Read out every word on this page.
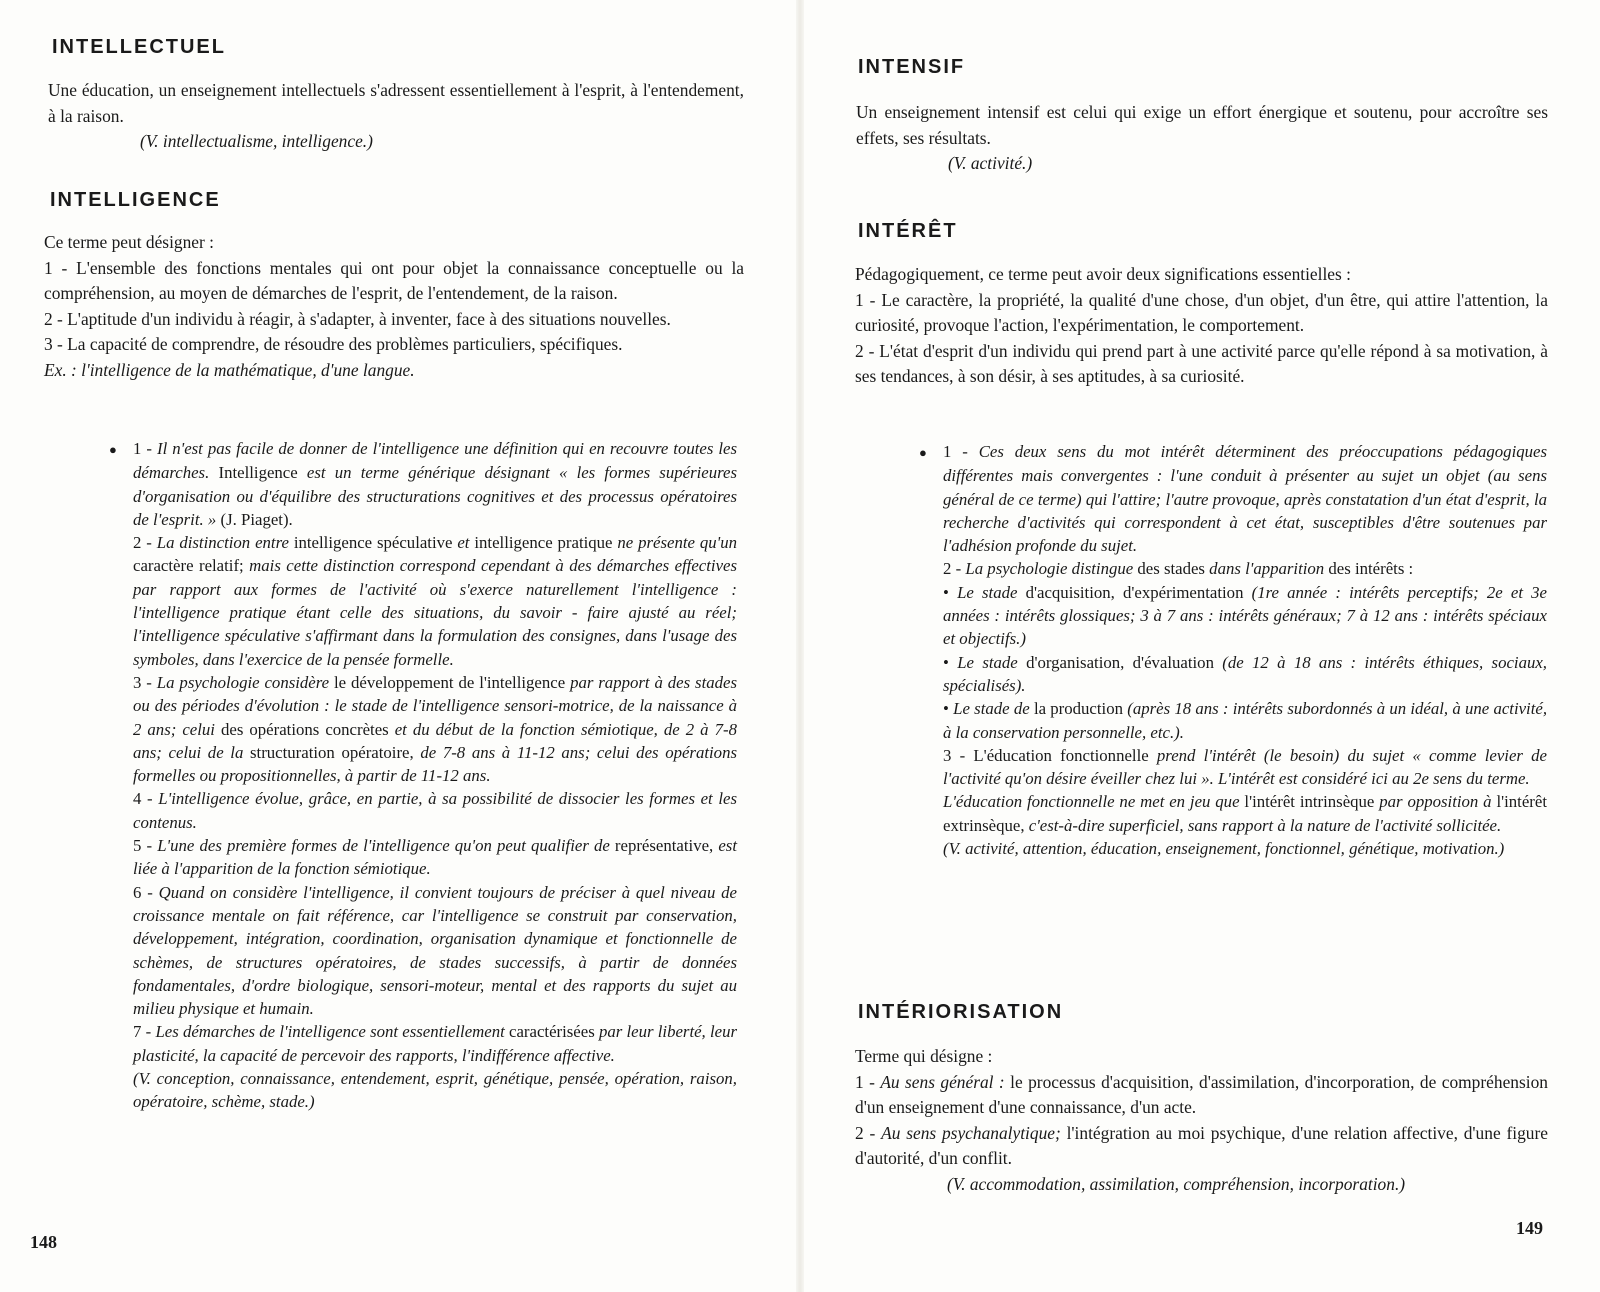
INTELLECTUEL

Une éducation, un enseignement intellectuels s'adressent essentiellement à l'esprit, à l'entendement, à la raison.

(V. intellectualisme, intelligence.)

INTELLIGENCE

Ce terme peut désigner :

1 - L'ensemble des fonctions mentales qui ont pour objet la connaissance conceptuelle ou la compréhension, au moyen de démarches de l'esprit, de l'entendement, de la raison.

2 - L'aptitude d'un individu à réagir, à s'adapter, à inventer, face à des situations nouvelles.

3 - La capacité de comprendre, de résoudre des problèmes particuliers, spécifiques.

Ex. : l'intelligence de la mathématique, d'une langue.

● 1 - Il n'est pas facile de donner de l'intelligence une définition qui en recouvre toutes les démarches. Intelligence est un terme générique désignant « les formes supérieures d'organisation ou d'équilibre des structurations cognitives et des processus opératoires de l'esprit. » (J. Piaget).

2 - La distinction entre intelligence spéculative et intelligence pratique ne présente qu'un caractère relatif; mais cette distinction correspond cependant à des démarches effectives par rapport aux formes de l'activité où s'exerce naturellement l'intelligence : l'intelligence pratique étant celle des situations, du savoir - faire ajusté au réel; l'intelligence spéculative s'affirmant dans la formulation des consignes, dans l'usage des symboles, dans l'exercice de la pensée formelle.

3 - La psychologie considère le développement de l'intelligence par rapport à des stades ou des périodes d'évolution : le stade de l'intelligence sensori-motrice, de la naissance à 2 ans; celui des opérations concrètes et du début de la fonction sémiotique, de 2 à 7-8 ans; celui de la structuration opératoire, de 7-8 ans à 11-12 ans; celui des opérations formelles ou propositionnelles, à partir de 11-12 ans.

4 - L'intelligence évolue, grâce, en partie, à sa possibilité de dissocier les formes et les contenus.

5 - L'une des première formes de l'intelligence qu'on peut qualifier de représentative, est liée à l'apparition de la fonction sémiotique.

6 - Quand on considère l'intelligence, il convient toujours de préciser à quel niveau de croissance mentale on fait référence, car l'intelligence se construit par conservation, développement, intégration, coordination, organisation dynamique et fonctionnelle de schèmes, de structures opératoires, de stades successifs, à partir de données fondamentales, d'ordre biologique, sensori-moteur, mental et des rapports du sujet au milieu physique et humain.

7 - Les démarches de l'intelligence sont essentiellement caractérisées par leur liberté, leur plasticité, la capacité de percevoir des rapports, l'indifférence affective.

(V. conception, connaissance, entendement, esprit, génétique, pensée, opération, raison, opératoire, schème, stade.)

148
INTENSIF

Un enseignement intensif est celui qui exige un effort énergique et soutenu, pour accroître ses effets, ses résultats.

(V. activité.)

INTÉRÊT

Pédagogiquement, ce terme peut avoir deux significations essentielles :

1 - Le caractère, la propriété, la qualité d'une chose, d'un objet, d'un être, qui attire l'attention, la curiosité, provoque l'action, l'expérimentation, le comportement.

2 - L'état d'esprit d'un individu qui prend part à une activité parce qu'elle répond à sa motivation, à ses tendances, à son désir, à ses aptitudes, à sa curiosité.

● 1 - Ces deux sens du mot intérêt déterminent des préoccupations pédagogiques différentes mais convergentes : l'une conduit à présenter au sujet un objet (au sens général de ce terme) qui l'attire; l'autre provoque, après constatation d'un état d'esprit, la recherche d'activités qui correspondent à cet état, susceptibles d'être soutenues par l'adhésion profonde du sujet.

2 - La psychologie distingue des stades dans l'apparition des intérêts :

• Le stade d'acquisition, d'expérimentation (1re année : intérêts perceptifs; 2e et 3e années : intérêts glossiques; 3 à 7 ans : intérêts généraux; 7 à 12 ans : intérêts spéciaux et objectifs.)

• Le stade d'organisation, d'évaluation (de 12 à 18 ans : intérêts éthiques, sociaux, spécialisés).

• Le stade de la production (après 18 ans : intérêts subordonnés à un idéal, à une activité, à la conservation personnelle, etc.).

3 - L'éducation fonctionnelle prend l'intérêt (le besoin) du sujet « comme levier de l'activité qu'on désire éveiller chez lui ». L'intérêt est considéré ici au 2e sens du terme.

L'éducation fonctionnelle ne met en jeu que l'intérêt intrinsèque par opposition à l'intérêt extrinsèque, c'est-à-dire superficiel, sans rapport à la nature de l'activité sollicitée.

(V. activité, attention, éducation, enseignement, fonctionnel, génétique, motivation.)

INTÉRIORISATION

Terme qui désigne :

1 - Au sens général : le processus d'acquisition, d'assimilation, d'incorporation, de compréhension d'un enseignement d'une connaissance, d'un acte.

2 - Au sens psychanalytique; l'intégration au moi psychique, d'une relation affective, d'une figure d'autorité, d'un conflit.

(V. accommodation, assimilation, compréhension, incorporation.)

149
